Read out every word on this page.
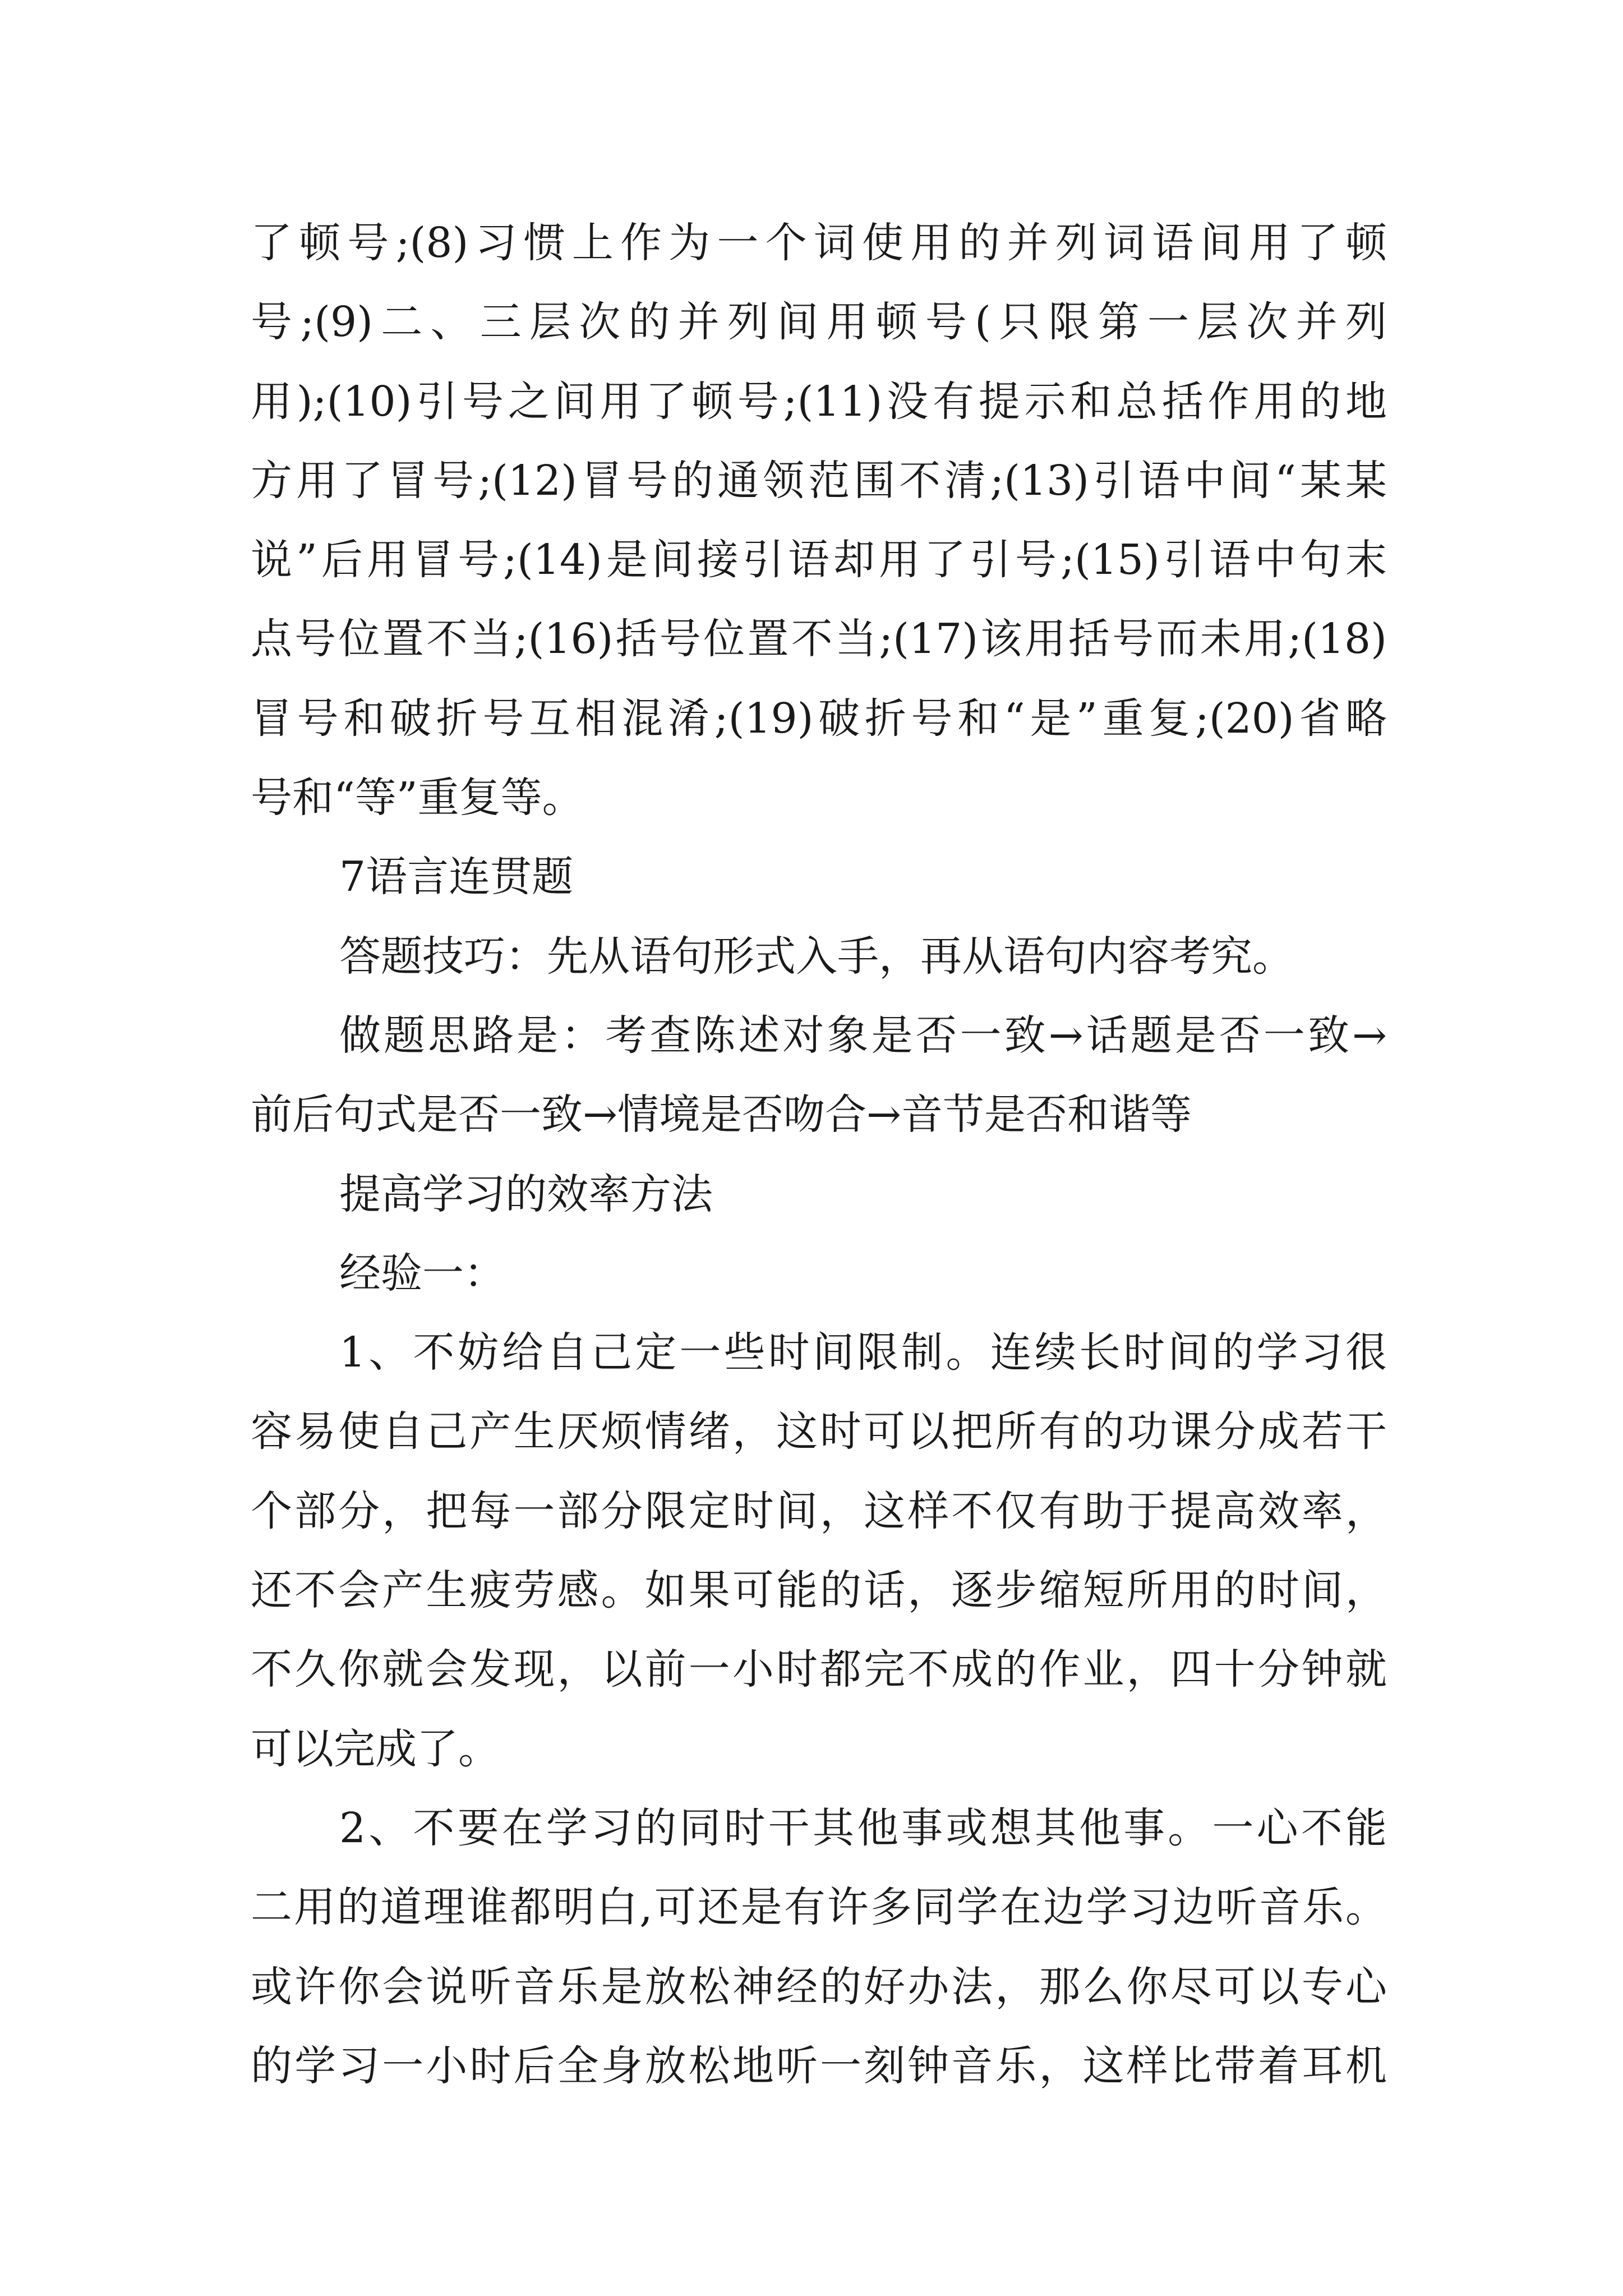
了顿号;(8)习惯上作为一个词使用的并列词语间用了顿
号;(9)二、三层次的并列间用顿号(只限第一层次并列
用);(10)引号之间用了顿号;(11)没有提示和总括作用的地
方用了冒号;(12)冒号的通领范围不清;(13)引语中间“某某
说”后用冒号;(14)是间接引语却用了引号;(15)引语中句末
点号位置不当;(16)括号位置不当;(17)该用括号而未用;(18)
冒号和破折号互相混淆;(19)破折号和“是”重复;(20)省略
号和“等”重复等。
7语言连贯题
答题技巧：先从语句形式入手，再从语句内容考究。
做题思路是：考查陈述对象是否一致→话题是否一致→
前后句式是否一致→情境是否吻合→音节是否和谐等
提高学习的效率方法
经验一：
1、不妨给自己定一些时间限制。连续长时间的学习很
容易使自己产生厌烦情绪，这时可以把所有的功课分成若干
个部分，把每一部分限定时间，这样不仅有助于提高效率，
还不会产生疲劳感。如果可能的话，逐步缩短所用的时间，
不久你就会发现，以前一小时都完不成的作业，四十分钟就
可以完成了。
2、不要在学习的同时干其他事或想其他事。一心不能
二用的道理谁都明白,可还是有许多同学在边学习边听音乐。
或许你会说听音乐是放松神经的好办法，那么你尽可以专心
的学习一小时后全身放松地听一刻钟音乐，这样比带着耳机
